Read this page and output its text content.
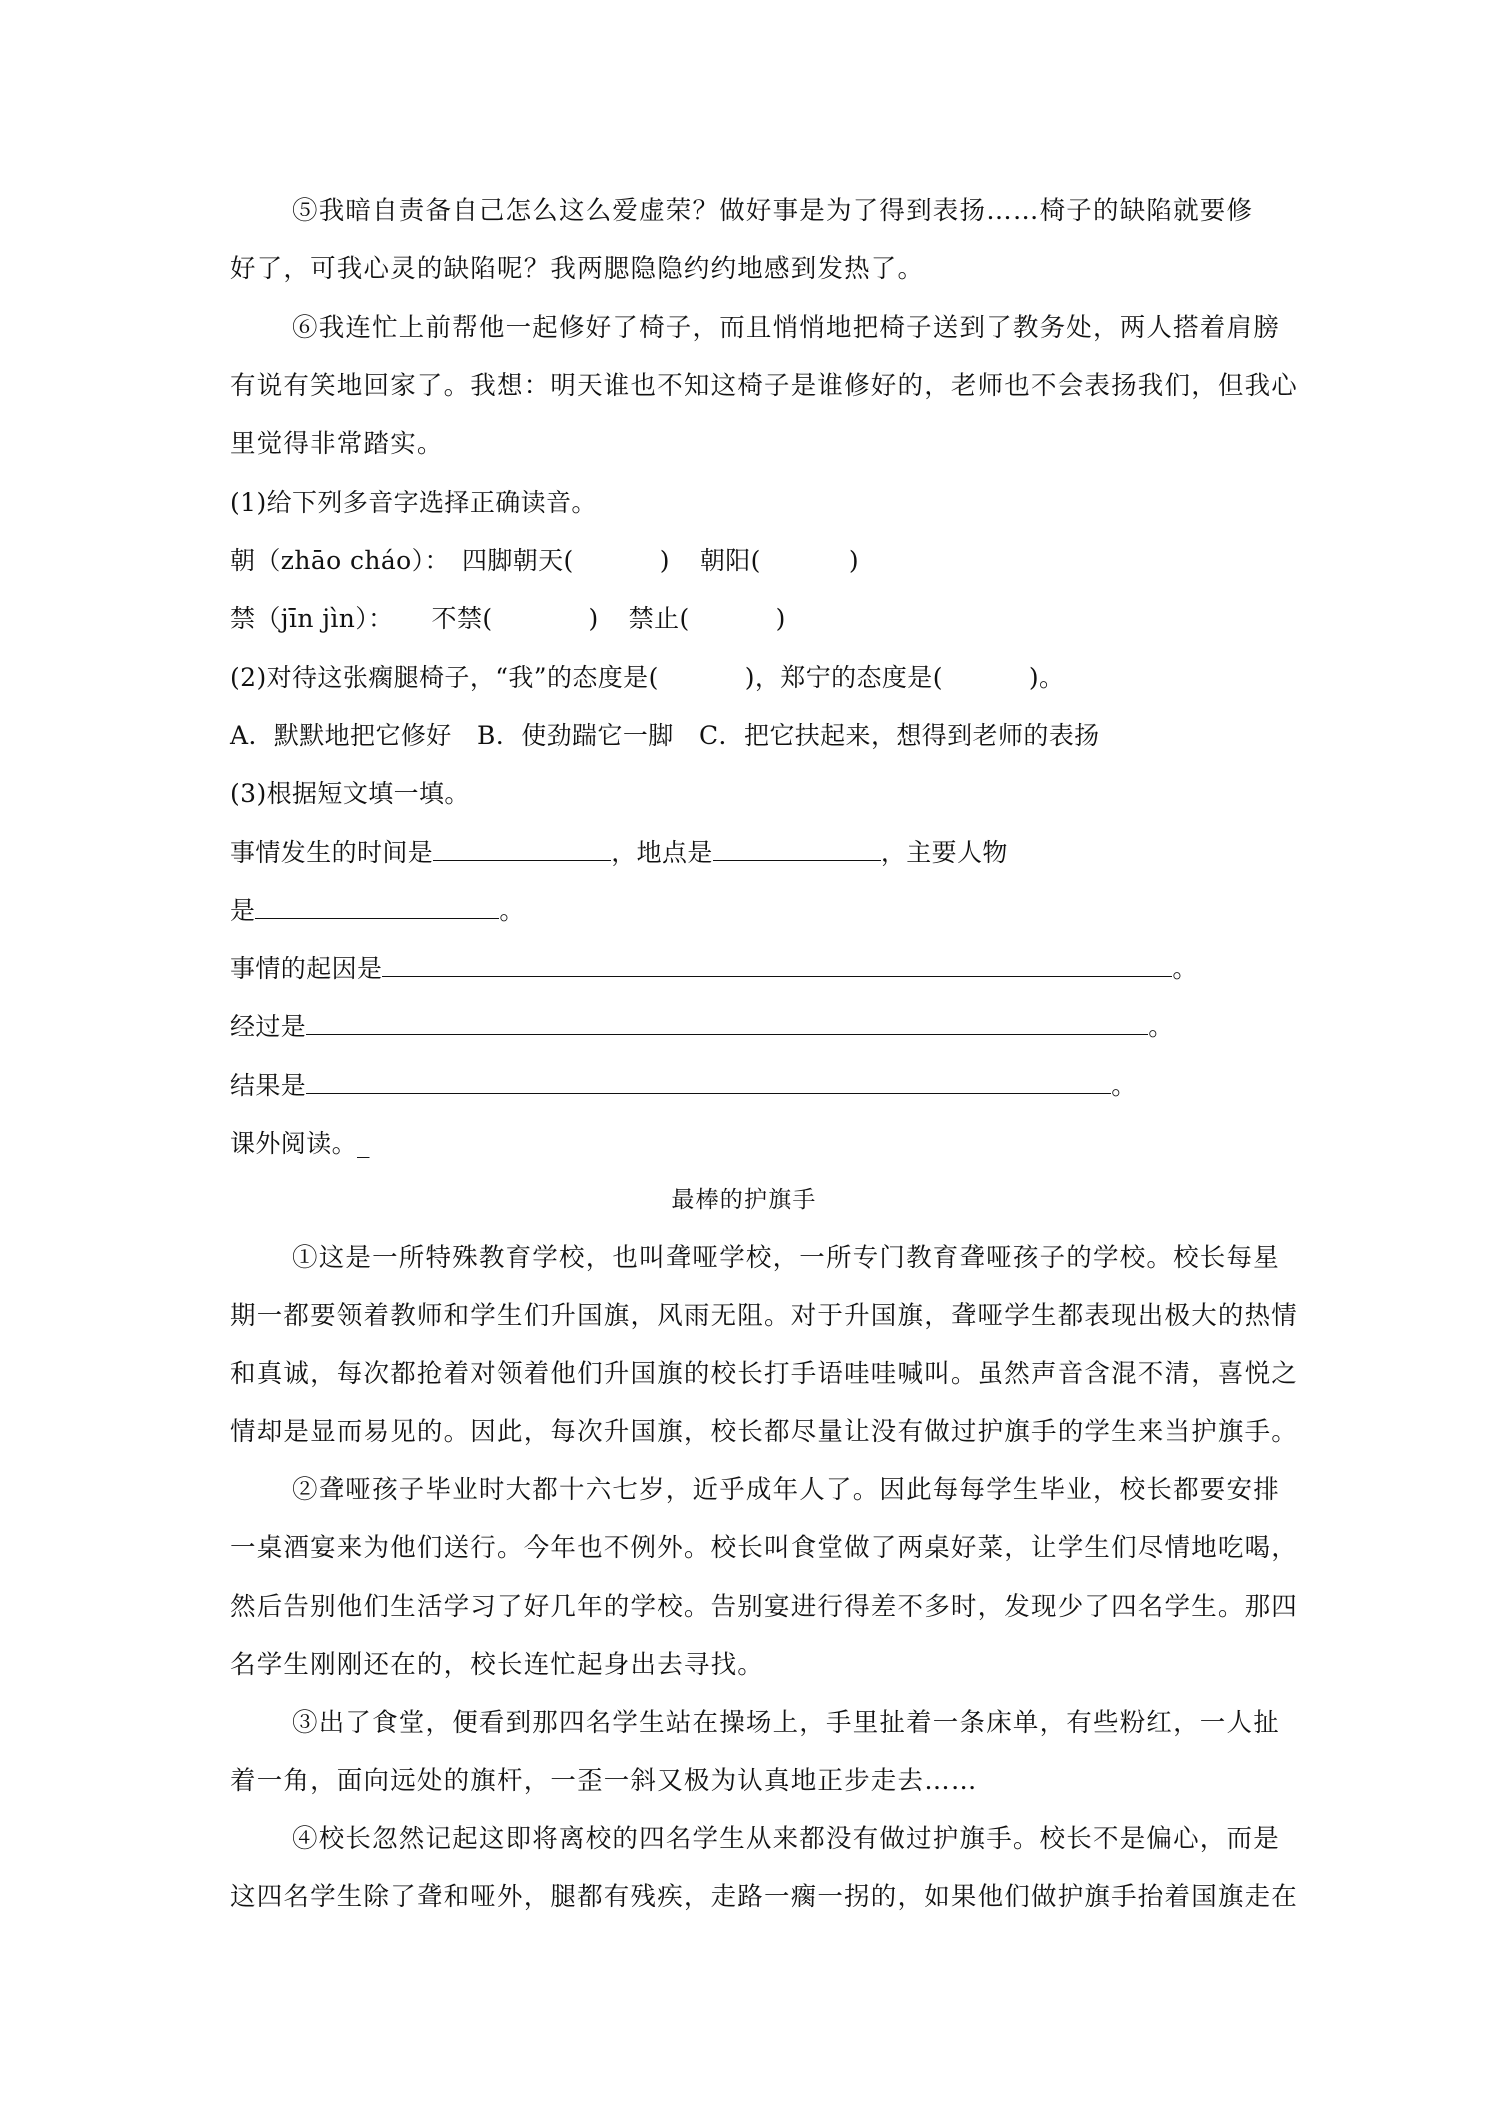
⑤我暗自责备自己怎么这么爱虚荣？做好事是为了得到表扬……椅子的缺陷就要修

好了，可我心灵的缺陷呢？我两腮隐隐约约地感到发热了。

⑥我连忙上前帮他一起修好了椅子，而且悄悄地把椅子送到了教务处，两人搭着肩膀

有说有笑地回家了。我想：明天谁也不知这椅子是谁修好的，老师也不会表扬我们，但我心

里觉得非常踏实。

(1)给下列多音字选择正确读音。

朝（zhāo cháo）： 四脚朝天(	) 朝阳(	)

禁（jīn jìn）： 不禁(	) 禁止(	)

(2)对待这张瘸腿椅子，“我”的态度是(	)，郑宁的态度是(	)。

A．默默地把它修好　B．使劲踹它一脚　C．把它扶起来，想得到老师的表扬

(3)根据短文填一填。

事情发生的时间是	，地点是	，主要人物

是	。

事情的起因是	。

经过是	。

结果是	。

课外阅读。_

最棒的护旗手

①这是一所特殊教育学校，也叫聋哑学校，一所专门教育聋哑孩子的学校。校长每星

期一都要领着教师和学生们升国旗，风雨无阻。对于升国旗，聋哑学生都表现出极大的热情

和真诚，每次都抢着对领着他们升国旗的校长打手语哇哇喊叫。虽然声音含混不清，喜悦之

情却是显而易见的。因此，每次升国旗，校长都尽量让没有做过护旗手的学生来当护旗手。

②聋哑孩子毕业时大都十六七岁，近乎成年人了。因此每每学生毕业，校长都要安排

一桌酒宴来为他们送行。今年也不例外。校长叫食堂做了两桌好菜，让学生们尽情地吃喝，

然后告别他们生活学习了好几年的学校。告别宴进行得差不多时，发现少了四名学生。那四

名学生刚刚还在的，校长连忙起身出去寻找。

③出了食堂，便看到那四名学生站在操场上，手里扯着一条床单，有些粉红，一人扯

着一角，面向远处的旗杆，一歪一斜又极为认真地正步走去……

④校长忽然记起这即将离校的四名学生从来都没有做过护旗手。校长不是偏心，而是

这四名学生除了聋和哑外，腿都有残疾，走路一瘸一拐的，如果他们做护旗手抬着国旗走在
